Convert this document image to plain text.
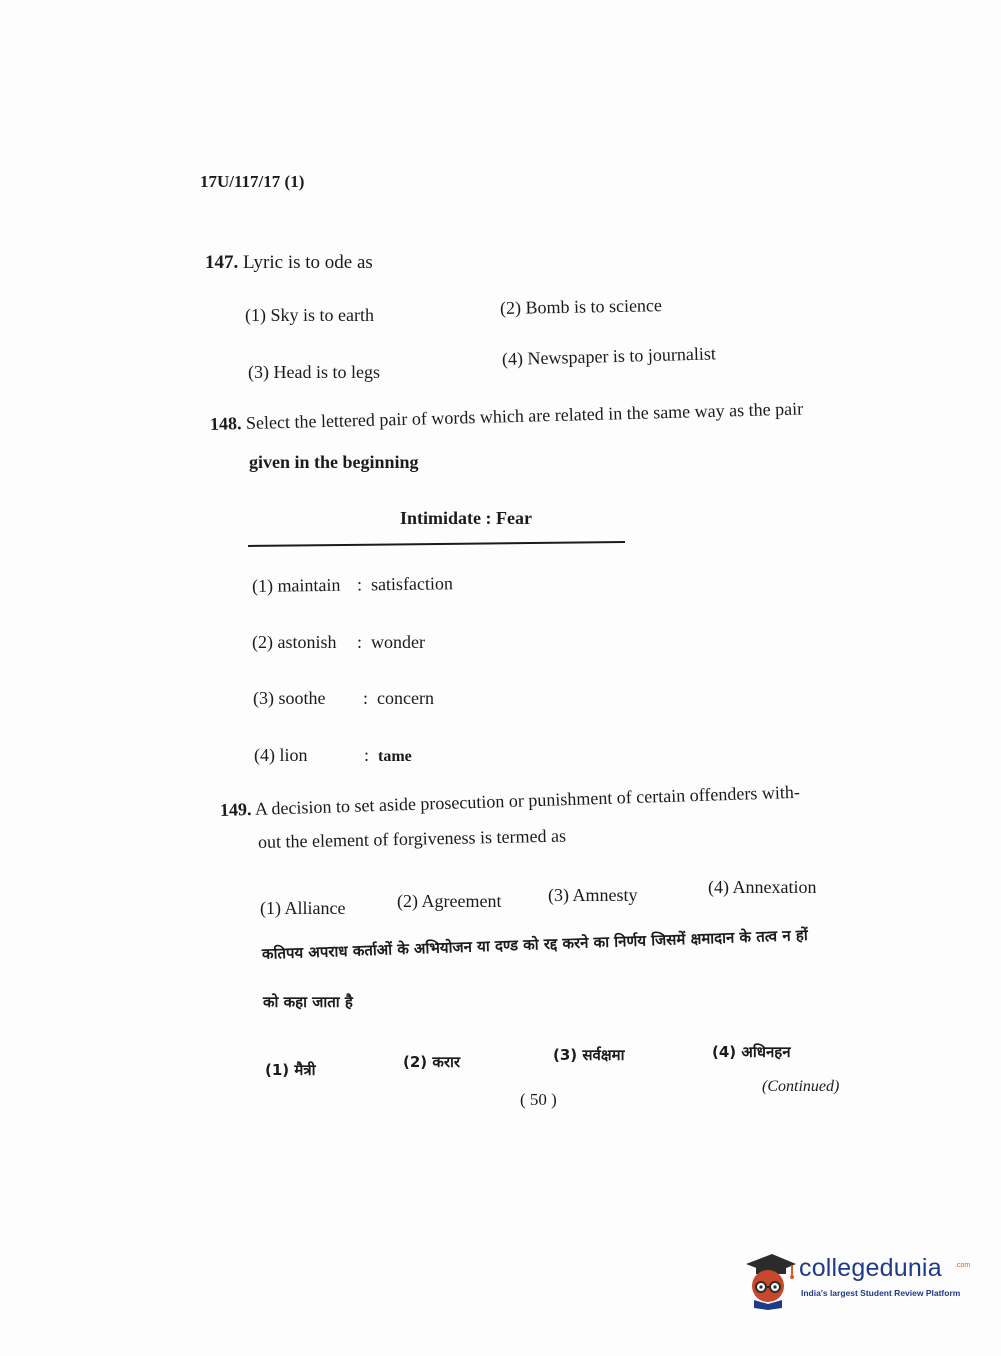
17U/117/17 (1)
147. Lyric is to ode as
(1) Sky is to earth	(2) Bomb is to science
(3) Head is to legs
(4) Newspaper is to journalist
148. Select the lettered pair of words which are related in the same way as the pair
given in the beginning
Intimidate : Fear
(1) maintain : satisfaction
(2) astonish : wonder
(3) soothe : concern
(4) lion	: tame
149. A decision to set aside prosecution or punishment of certain offenders with-
out the element of forgiveness is termed as
(1) Alliance	(2) Agreement	(3) Amnesty	(4) Annexation
कतिपय अपराध कर्ताओं के अभियोजन या दण्ड को रद्द करने का निर्णय जिसमें क्षमादान के तत्व न हों
को कहा जाता है
(1) मैत्री	(2) करार	(3) सर्वक्षमा	(4) अधिनहन
( 50 )
(Continued)
collegedunia .com
India's largest Student Review Platform
